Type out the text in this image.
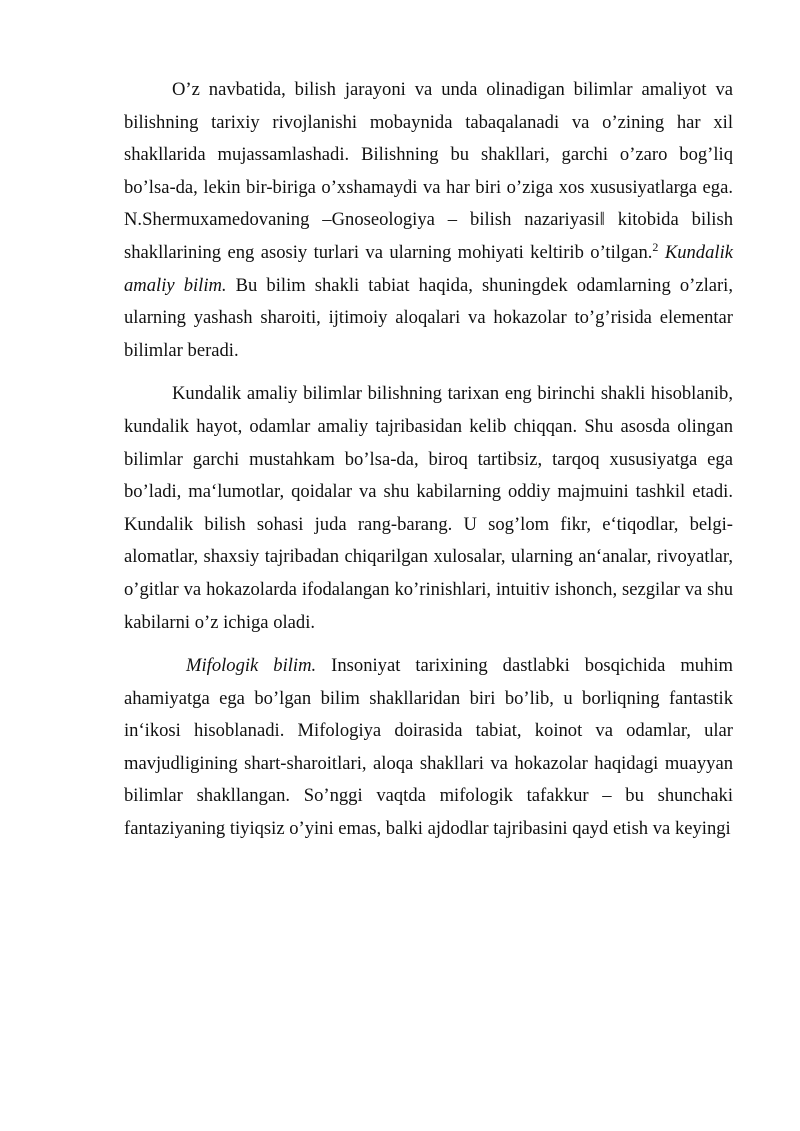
O’z navbatida, bilish jarayoni va unda olinadigan bilimlar amaliyot va bilishning tarixiy rivojlanishi mobaynida tabaqalanadi va o’zining har xil shakllarida mujassamlashadi. Bilishning bu shakllari, garchi o’zaro bog’liq bo’lsa-da, lekin bir-biriga o’xshamaydi va har biri o’ziga xos xususiyatlarga ega. N.Shermuxamedovaning –Gnoseologiya – bilish nazariyasi‖ kitobida bilish shakllarining eng asosiy turlari va ularning mohiyati keltirib o’tilgan.$^2$ Kundalik amaliy bilim. Bu bilim shakli tabiat haqida, shuningdek odamlarning o’zlari, ularning yashash sharoiti, ijtimoiy aloqalari va hokazolar to’g’risida elementar bilimlar beradi.

Kundalik amaliy bilimlar bilishning tarixan eng birinchi shakli hisoblanib, kundalik hayot, odamlar amaliy tajribasidan kelib chiqqan. Shu asosda olingan bilimlar garchi mustahkam bo’lsa-da, biroq tartibsiz, tarqoq xususiyatga ega bo’ladi, ma‘lumotlar, qoidalar va shu kabilarning oddiy majmuini tashkil etadi. Kundalik bilish sohasi juda rang-barang. U sog’lom fikr, e‘tiqodlar, belgi-alomatlar, shaxsiy tajribadan chiqarilgan xulosalar, ularning an‘analar, rivoyatlar, o’gitlar va hokazolarda ifodalangan ko’rinishlari, intuitiv ishonch, sezgilar va shu kabilarni o’z ichiga oladi.

Mifologik bilim. Insoniyat tarixining dastlabki bosqichida muhim ahamiyatga ega bo’lgan bilim shakllaridan biri bo’lib, u borliqning fantastik in‘ikosi hisoblanadi. Mifologiya doirasida tabiat, koinot va odamlar, ular mavjudligining shart-sharoitlari, aloqa shakllari va hokazolar haqidagi muayyan bilimlar shakllangan. So’nggi vaqtda mifologik tafakkur – bu shunchaki fantaziyaning tiyiqsiz o’yini emas, balki ajdodlar tajribasini qayd etish va keyingi
